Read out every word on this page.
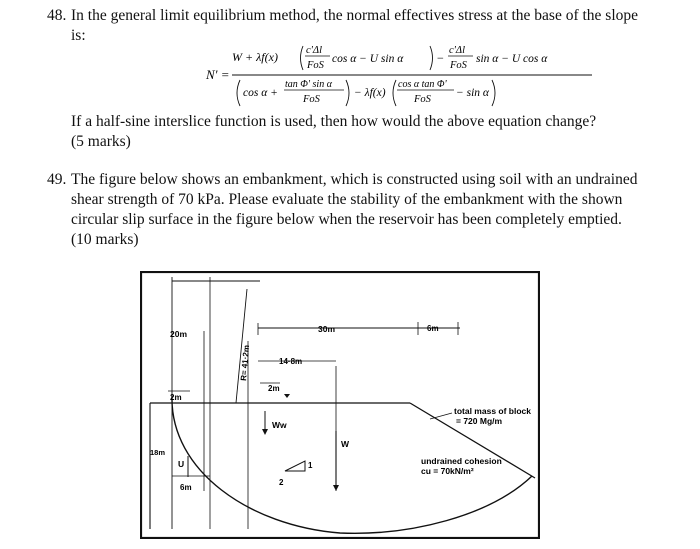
48. In the general limit equilibrium method, the normal effectives stress at the base of the slope
is:
N' =
W + λf(x)	c'Δl
FoS
cos α − U sin α	−
c'Δl
FoS
sin α − U cos α
cos α +
tan Φ' sin α
FoS
− λf(x)
cos α tan Φ'
FoS
− sin α
If a half-sine interslice function is used, then how would the above equation change?
(5 marks)
49. The figure below shows an embankment, which is constructed using soil with an undrained
shear strength of 70 kPa. Please evaluate the stability of the embankment with the shown
circular slip surface in the figure below when the reservoir has been completely emptied.
(10 marks)
R= 41·2m
30m	6m
14·8m
2m
20m
2m
18m
Ww
W
U
6m
1
2
total mass of block
= 720 Mg/m
undrained cohesion
cu = 70kN/m²
